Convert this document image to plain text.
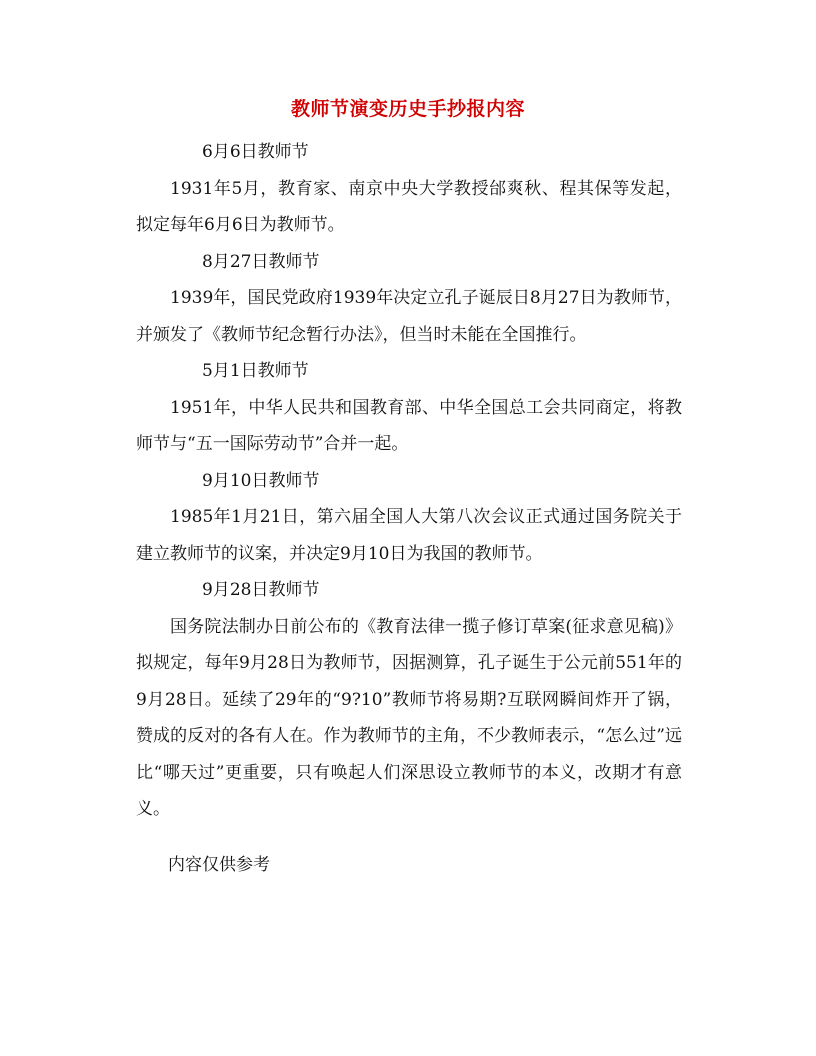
教师节演变历史手抄报内容

6月6日教师节

1931年5月，教育家、南京中央大学教授邰爽秋、程其保等发起，拟定每年6月6日为教师节。

8月27日教师节

1939年，国民党政府1939年决定立孔子诞辰日8月27日为教师节，并颁发了《教师节纪念暂行办法》，但当时未能在全国推行。

5月1日教师节

1951年，中华人民共和国教育部、中华全国总工会共同商定，将教师节与“五一国际劳动节”合并一起。

9月10日教师节

1985年1月21日，第六届全国人大第八次会议正式通过国务院关于建立教师节的议案，并决定9月10日为我国的教师节。

9月28日教师节

国务院法制办日前公布的《教育法律一揽子修订草案(征求意见稿)》拟规定，每年9月28日为教师节，因据测算，孔子诞生于公元前551年的9月28日。延续了29年的“9?10”教师节将易期?互联网瞬间炸开了锅，赞成的反对的各有人在。作为教师节的主角，不少教师表示，“怎么过”远比“哪天过”更重要，只有唤起人们深思设立教师节的本义，改期才有意义。

内容仅供参考
